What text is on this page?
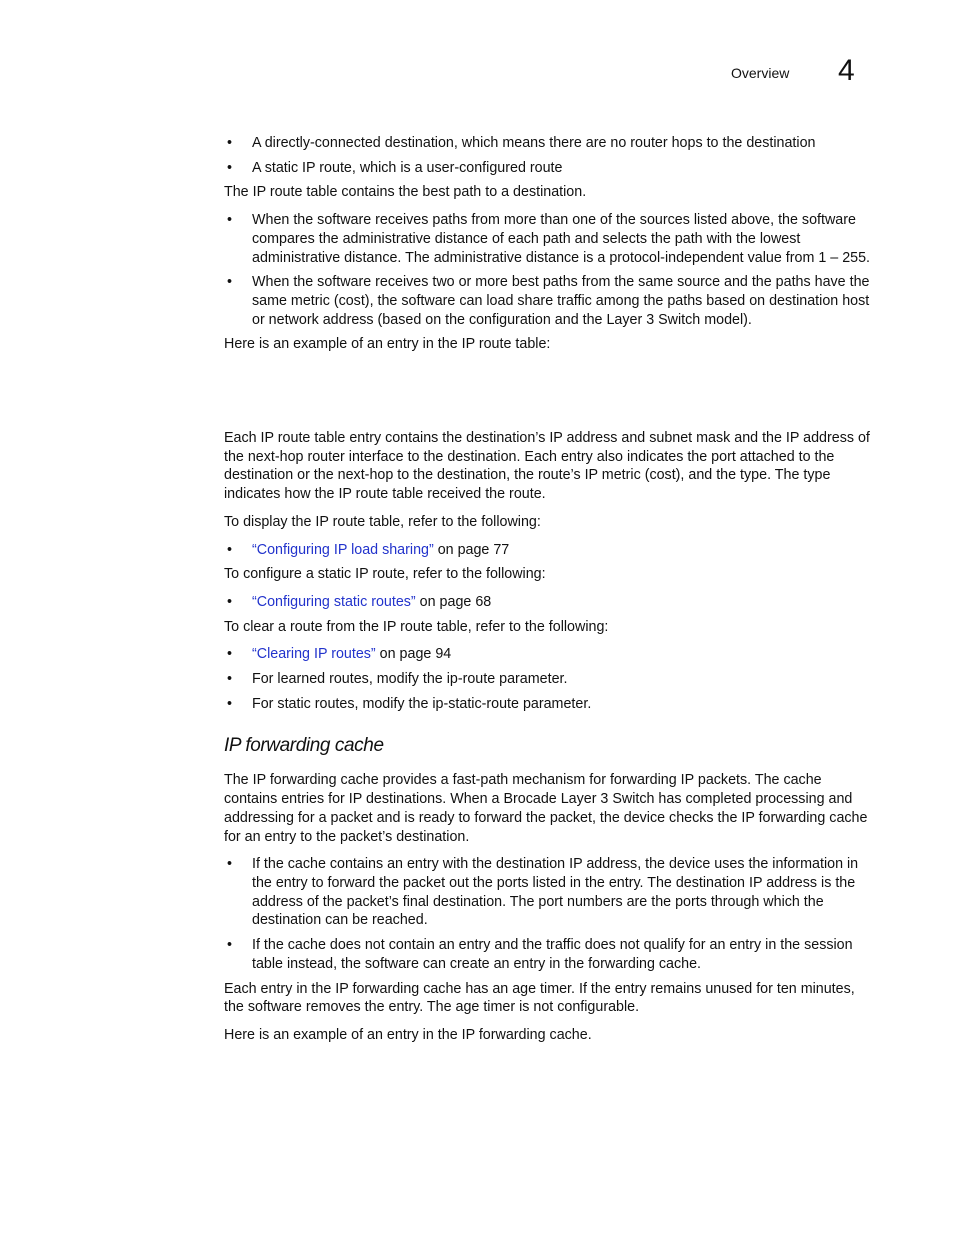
Overview 4
• A directly-connected destination, which means there are no router hops to the destination
• A static IP route, which is a user-configured route

The IP route table contains the best path to a destination.

• When the software receives paths from more than one of the sources listed above, the software compares the administrative distance of each path and selects the path with the lowest administrative distance. The administrative distance is a protocol-independent value from 1 – 255.
• When the software receives two or more best paths from the same source and the paths have the same metric (cost), the software can load share traffic among the paths based on destination host or network address (based on the configuration and the Layer 3 Switch model).

Here is an example of an entry in the IP route table:

Each IP route table entry contains the destination’s IP address and subnet mask and the IP address of the next-hop router interface to the destination. Each entry also indicates the port attached to the destination or the next-hop to the destination, the route’s IP metric (cost), and the type. The type indicates how the IP route table received the route.

To display the IP route table, refer to the following:

• “Configuring IP load sharing” on page 77

To configure a static IP route, refer to the following:

• “Configuring static routes” on page 68

To clear a route from the IP route table, refer to the following:

• “Clearing IP routes” on page 94
• For learned routes, modify the ip-route parameter.
• For static routes, modify the ip-static-route parameter.
IP forwarding cache

The IP forwarding cache provides a fast-path mechanism for forwarding IP packets. The cache contains entries for IP destinations. When a Brocade Layer 3 Switch has completed processing and addressing for a packet and is ready to forward the packet, the device checks the IP forwarding cache for an entry to the packet’s destination.

• If the cache contains an entry with the destination IP address, the device uses the information in the entry to forward the packet out the ports listed in the entry. The destination IP address is the address of the packet’s final destination. The port numbers are the ports through which the destination can be reached.
• If the cache does not contain an entry and the traffic does not qualify for an entry in the session table instead, the software can create an entry in the forwarding cache.

Each entry in the IP forwarding cache has an age timer. If the entry remains unused for ten minutes, the software removes the entry. The age timer is not configurable.

Here is an example of an entry in the IP forwarding cache.
